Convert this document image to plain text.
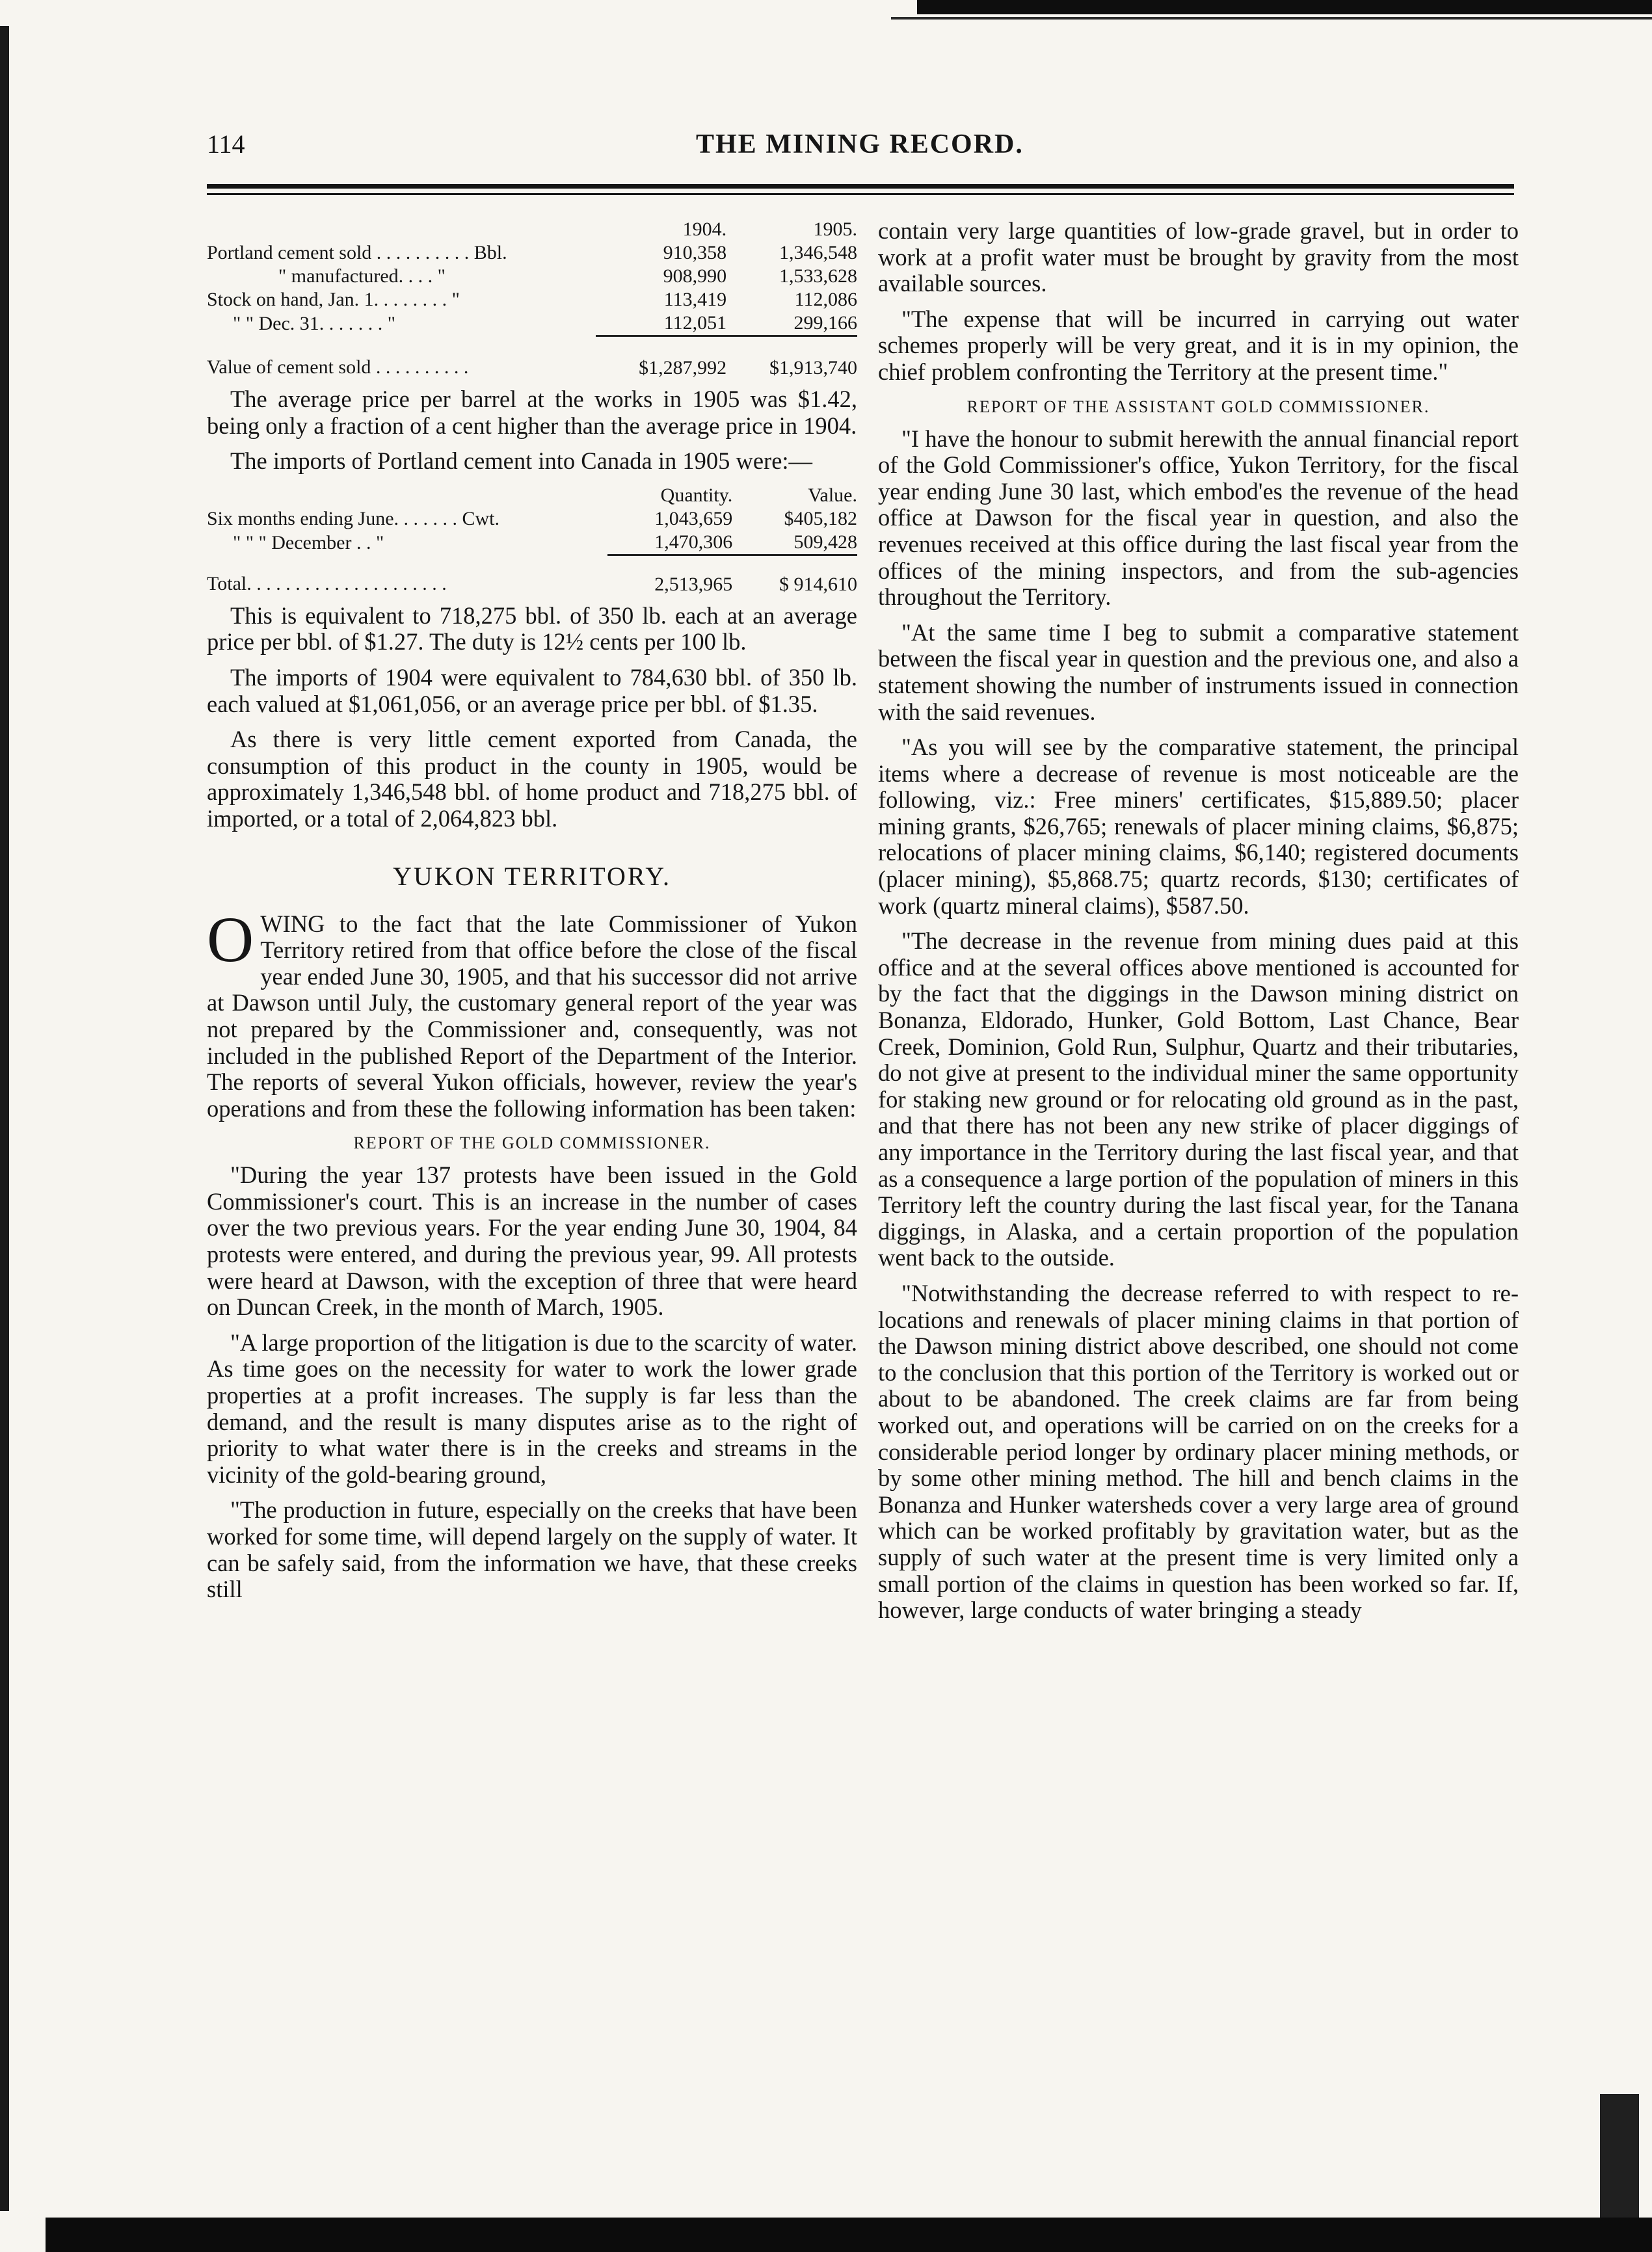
114	THE MINING RECORD.
	1904.	1905.
Portland cement sold . . . . . . . . . . Bbl.	910,358	1,346,548
" manufactured. . . . "	908,990	1,533,628
Stock on hand, Jan. 1. . . . . . . . "	113,419	112,086
" " Dec. 31. . . . . . . "	112,051	299,166
Value of cement sold . . . . . . . . . .	$1,287,992	$1,913,740

The average price per barrel at the works in 1905 was $1.42, being only a fraction of a cent higher than the average price in 1904.

The imports of Portland cement into Canada in 1905 were:—

	Quantity.	Value.
Six months ending June. . . . . . . Cwt.	1,043,659	$405,182
" " " December . . "	1,470,306	509,428
Total. . . . . . . . . . . . . . . . . . . . .	2,513,965	$ 914,610

This is equivalent to 718,275 bbl. of 350 lb. each at an average price per bbl. of $1.27. The duty is 12½ cents per 100 lb.

The imports of 1904 were equivalent to 784,630 bbl. of 350 lb. each valued at $1,061,056, or an average price per bbl. of $1.35.

As there is very little cement exported from Canada, the consumption of this product in the county in 1905, would be approximately 1,346,548 bbl. of home product and 718,275 bbl. of imported, or a total of 2,064,823 bbl.

YUKON TERRITORY.
O WING to the fact that the late Commissioner of Yukon Territory retired from that office before the close of the fiscal year ended June 30, 1905, and that his successor did not arrive at Dawson until July, the customary general report of the year was not prepared by the Commissioner and, consequently, was not included in the published Report of the Department of the Interior. The reports of several Yukon officials, however, review the year's operations and from these the following information has been taken:

REPORT OF THE GOLD COMMISSIONER.

"During the year 137 protests have been issued in the Gold Commissioner's court. This is an increase in the number of cases over the two previous years. For the year ending June 30, 1904, 84 protests were entered, and during the previous year, 99. All protests were heard at Dawson, with the exception of three that were heard on Duncan Creek, in the month of March, 1905.

"A large proportion of the litigation is due to the scarcity of water. As time goes on the necessity for water to work the lower grade properties at a profit increases. The supply is far less than the demand, and the result is many disputes arise as to the right of priority to what water there is in the creeks and streams in the vicinity of the gold-bearing ground,

"The production in future, especially on the creeks that have been worked for some time, will depend largely on the supply of water. It can be safely said, from the information we have, that these creeks still

contain very large quantities of low-grade gravel, but in order to work at a profit water must be brought by gravity from the most available sources.

"The expense that will be incurred in carrying out water schemes properly will be very great, and it is in my opinion, the chief problem confronting the Territory at the present time."

REPORT OF THE ASSISTANT GOLD COMMISSIONER.

"I have the honour to submit herewith the annual financial report of the Gold Commissioner's office, Yukon Territory, for the fiscal year ending June 30 last, which embod'es the revenue of the head office at Dawson for the fiscal year in question, and also the revenues received at this office during the last fiscal year from the offices of the mining inspectors, and from the sub-agencies throughout the Territory.

"At the same time I beg to submit a comparative statement between the fiscal year in question and the previous one, and also a statement showing the number of instruments issued in connection with the said revenues.

"As you will see by the comparative statement, the principal items where a decrease of revenue is most noticeable are the following, viz.: Free miners' certificates, $15,889.50; placer mining grants, $26,765; renewals of placer mining claims, $6,875; relocations of placer mining claims, $6,140; registered documents (placer mining), $5,868.75; quartz records, $130; certificates of work (quartz mineral claims), $587.50.

"The decrease in the revenue from mining dues paid at this office and at the several offices above mentioned is accounted for by the fact that the diggings in the Dawson mining district on Bonanza, Eldorado, Hunker, Gold Bottom, Last Chance, Bear Creek, Dominion, Gold Run, Sulphur, Quartz and their tributaries, do not give at present to the individual miner the same opportunity for staking new ground or for relocating old ground as in the past, and that there has not been any new strike of placer diggings of any importance in the Territory during the last fiscal year, and that as a consequence a large portion of the population of miners in this Territory left the country during the last fiscal year, for the Tanana diggings, in Alaska, and a certain proportion of the population went back to the outside.

"Notwithstanding the decrease referred to with respect to re-locations and renewals of placer mining claims in that portion of the Dawson mining district above described, one should not come to the conclusion that this portion of the Territory is worked out or about to be abandoned. The creek claims are far from being worked out, and operations will be carried on on the creeks for a considerable period longer by ordinary placer mining methods, or by some other mining method. The hill and bench claims in the Bonanza and Hunker watersheds cover a very large area of ground which can be worked profitably by gravitation water, but as the supply of such water at the present time is very limited only a small portion of the claims in question has been worked so far. If, however, large conducts of water bringing a steady
